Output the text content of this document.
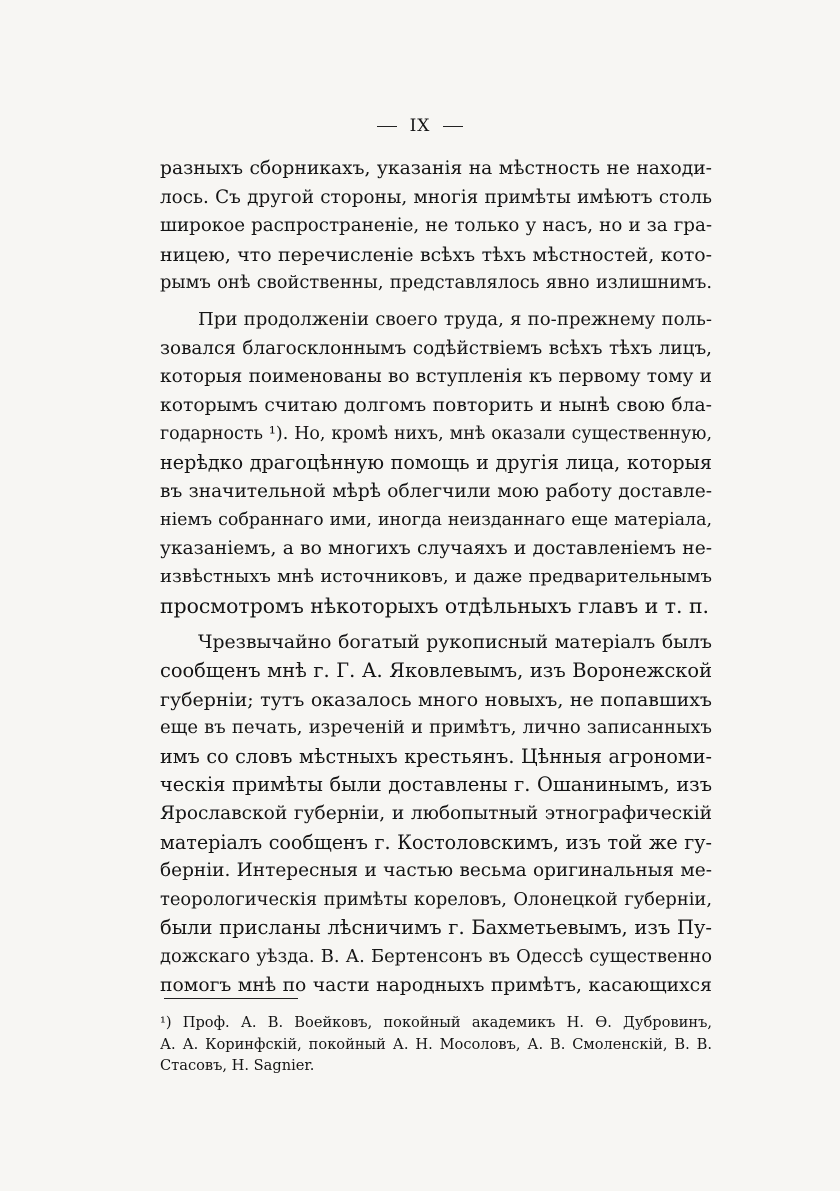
IX

разныхъ сборникахъ, указанія на мѣстность не находи-
лось. Съ другой стороны, многія примѣты имѣютъ столь
широкое распространеніе, не только у насъ, но и за гра-
ницею, что перечисленіе всѣхъ тѣхъ мѣстностей, кото-
рымъ онѣ свойственны, представлялось явно излишнимъ.

При продолженіи своего труда, я по-прежнему поль-
зовался благосклоннымъ содѣйствіемъ всѣхъ тѣхъ лицъ,
которыя поименованы во вступленія къ первому тому и
которымъ считаю долгомъ повторить и нынѣ свою бла-
годарность ¹). Но, кромѣ нихъ, мнѣ оказали существенную,
нерѣдко драгоцѣнную помощь и другія лица, которыя
въ значительной мѣрѣ облегчили мою работу доставле-
ніемъ собраннаго ими, иногда неизданнаго еще матеріала,
указаніемъ, а во многихъ случаяхъ и доставленіемъ не-
извѣстныхъ мнѣ источниковъ, и даже предварительнымъ
просмотромъ нѣкоторыхъ отдѣльныхъ главъ и т. п.

Чрезвычайно богатый рукописный матеріалъ былъ
сообщенъ мнѣ г. Г. А. Яковлевымъ, изъ Воронежской
губерніи; тутъ оказалось много новыхъ, не попавшихъ
еще въ печать, изреченій и примѣтъ, лично записанныхъ
имъ со словъ мѣстныхъ крестьянъ. Цѣнныя агрономи-
ческія примѣты были доставлены г. Ошанинымъ, изъ
Ярославской губерніи, и любопытный этнографическій
матеріалъ сообщенъ г. Костоловскимъ, изъ той же гу-
берніи. Интересныя и частью весьма оригинальныя ме-
теорологическія примѣты кореловъ, Олонецкой губерніи,
были присланы лѣсничимъ г. Бахметьевымъ, изъ Пу-
дожскаго уѣзда. В. А. Бертенсонъ въ Одессѣ существенно
помогъ мнѣ по части народныхъ примѣтъ, касающихся

¹) Проф. А. В. Воейковъ, покойный академикъ Н. Ѳ. Дубровинъ,
А. А. Коринфскій, покойный А. Н. Мосоловъ, А. В. Смоленскій, В. В.
Стасовъ, Н. Sagnier.
